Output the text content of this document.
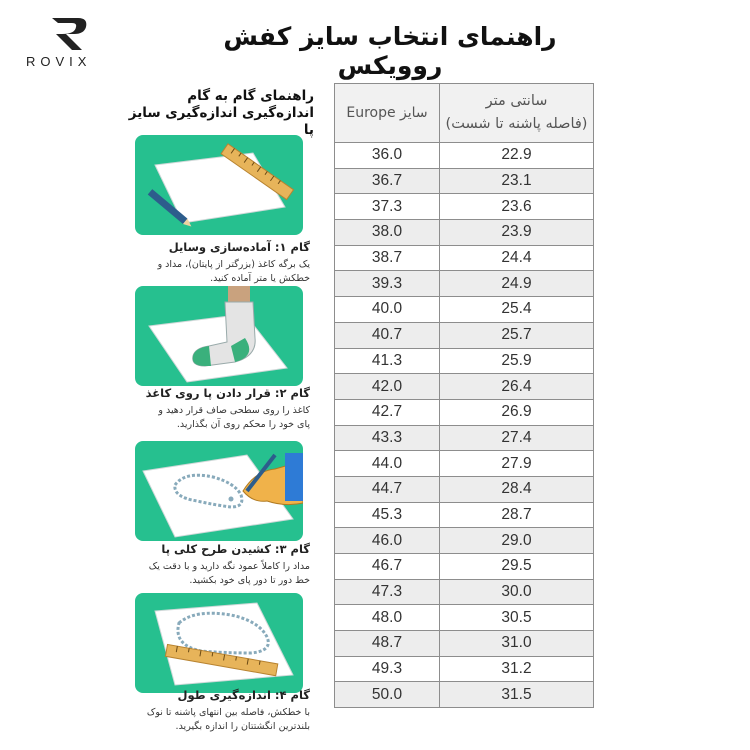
ROVIX
راهنمای انتخاب سایز کفش روویکس
راهنمای گام به گام
اندازه‌گیری اندازه‌گیری سایز پا
گام ۱: آماده‌سازی وسایل
یک برگه کاغذ (بزرگتر از پایتان)، مداد و
خطکش یا متر آماده کنید.
گام ۲: قرار دادن پا روی کاغذ
کاغذ را روی سطحی صاف قرار دهید و
پای خود را محکم روی آن بگذارید.
گام ۳: کشیدن طرح کلی پا
مداد را کاملاً عمود نگه دارید و با دقت یک
خط دور تا دور پای خود بکشید.
گام ۴: اندازه‌گیری طول
با خطکش، فاصله بین انتهای پاشنه تا نوک
بلندترین انگشتتان را اندازه بگیرید.
سایز Europe	سانتی متر
(فاصله پاشنه تا شست)

36.0	22.9
36.7	23.1
37.3	23.6
38.0	23.9
38.7	24.4
39.3	24.9
40.0	25.4
40.7	25.7
41.3	25.9
42.0	26.4
42.7	26.9
43.3	27.4
44.0	27.9
44.7	28.4
45.3	28.7
46.0	29.0
46.7	29.5
47.3	30.0
48.0	30.5
48.7	31.0
49.3	31.2
50.0	31.5
